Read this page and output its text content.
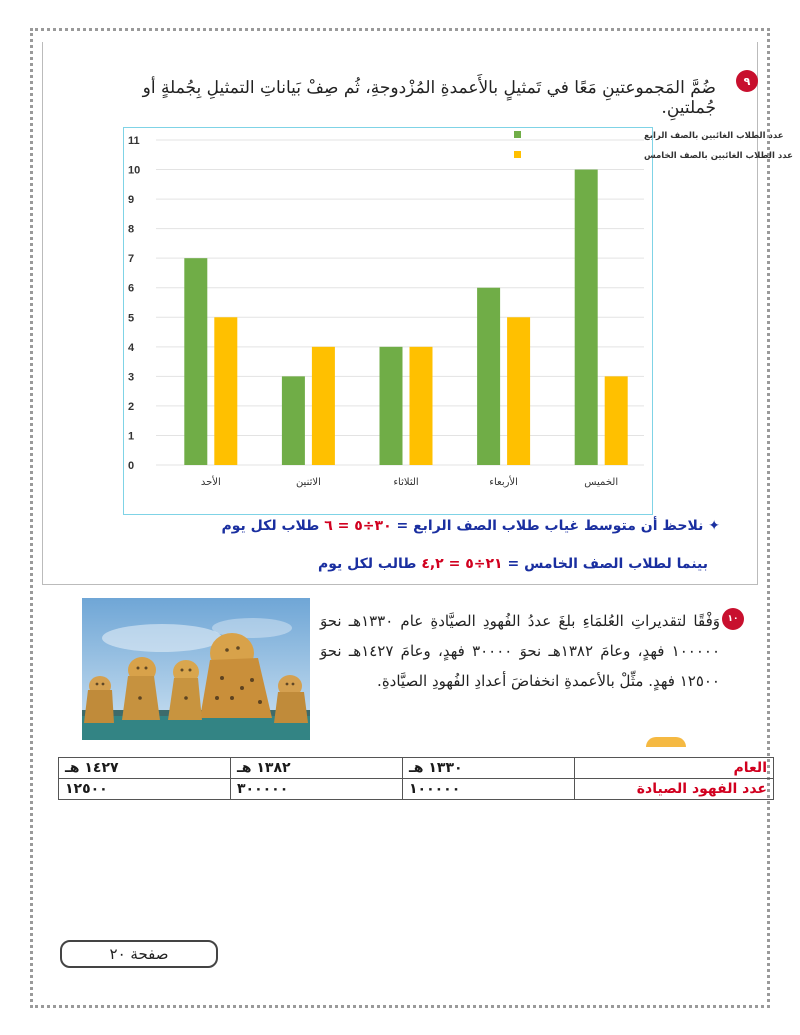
٩
ضُمَّ المَجموعتينِ مَعًا في تَمثيلٍ بالأَعمدةِ المُزْدوجةِ، ثُم صِفْ بَياناتِ التمثيلِ بِجُملةٍ أو جُملتينِ.
0
1
2
3
4
5
6
7
8
9
10
11
الأحد	الاثنين	الثلاثاء	الأربعاء	الخميس
عدد الطلاب الغائبين بالصف الرابع
عدد الطلاب الغائبين بالصف الخامس
✦ نلاحظ أن متوسط غياب طلاب الصف الرابع = ٣٠÷٥ = ٦ طلاب لكل يوم
بينما لطلاب الصف الخامس = ٢١÷٥ = ٤,٢ طالب لكل يوم
١٠
وَفْقًا لتقديراتِ العُلمَاءِ بلغَ عددُ الفُهودِ الصيَّادةِ عام ١٣٣٠هـ نحوَ ١٠٠٠٠٠ فهدٍ، وعامَ ١٣٨٢هـ نحوَ ٣٠٠٠٠ فهدٍ، وعامَ ١٤٢٧هـ نحوَ ١٢٥٠٠ فهدٍ. مثِّلْ بالأعمدةِ انخفاضَ أعدادِ الفُهودِ الصيَّادةِ.
العام	١٣٣٠ هـ	١٣٨٢ هـ	١٤٢٧ هـ
عدد الفهود الصيادة	١٠٠٠٠٠	٣٠٠٠٠٠	١٢٥٠٠
صفحة ٢٠
